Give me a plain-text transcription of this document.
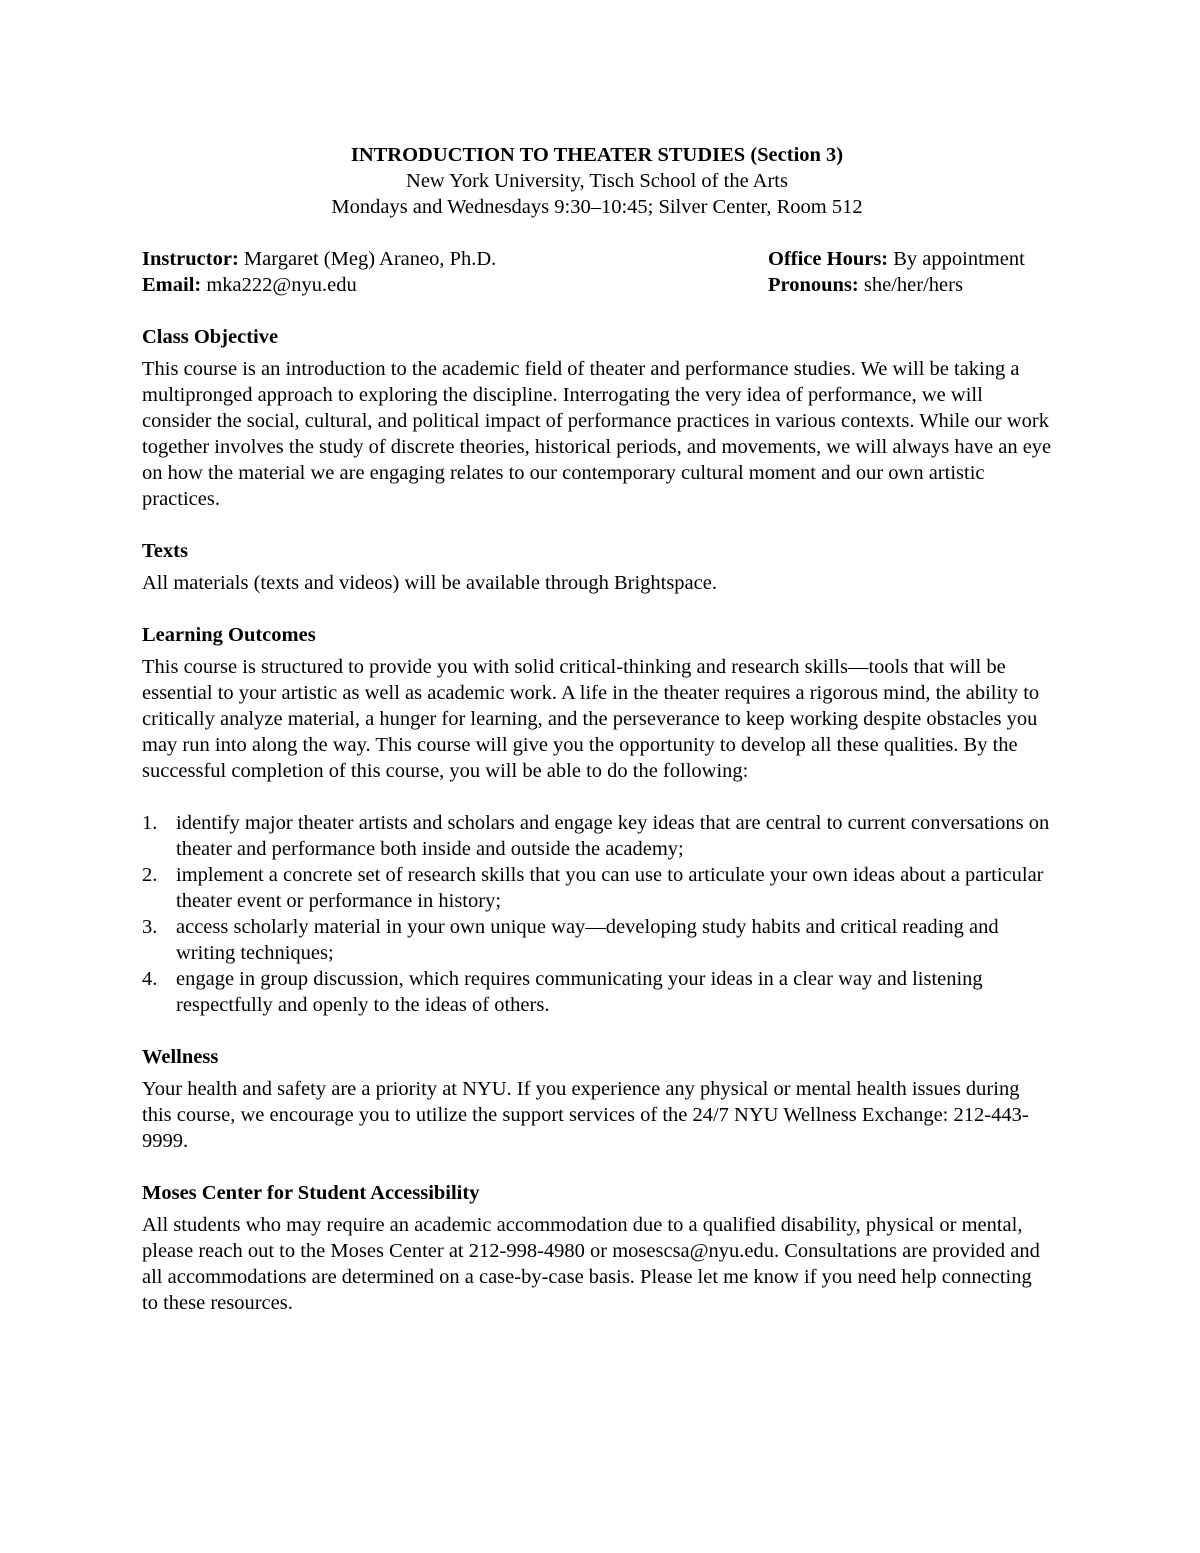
INTRODUCTION TO THEATER STUDIES (Section 3)

New York University, Tisch School of the Arts

Mondays and Wednesdays 9:30–10:45; Silver Center, Room 512

Instructor: Margaret (Meg) Araneo, Ph.D.
Email: mka222@nyu.edu
Office Hours: By appointment
Pronouns: she/her/hers
Class Objective

This course is an introduction to the academic field of theater and performance studies. We will be taking a multipronged approach to exploring the discipline. Interrogating the very idea of performance, we will consider the social, cultural, and political impact of performance practices in various contexts. While our work together involves the study of discrete theories, historical periods, and movements, we will always have an eye on how the material we are engaging relates to our contemporary cultural moment and our own artistic practices.

Texts

All materials (texts and videos) will be available through Brightspace.

Learning Outcomes

This course is structured to provide you with solid critical-thinking and research skills—tools that will be essential to your artistic as well as academic work. A life in the theater requires a rigorous mind, the ability to critically analyze material, a hunger for learning, and the perseverance to keep working despite obstacles you may run into along the way. This course will give you the opportunity to develop all these qualities. By the successful completion of this course, you will be able to do the following:

1. identify major theater artists and scholars and engage key ideas that are central to current conversations on theater and performance both inside and outside the academy;
2. implement a concrete set of research skills that you can use to articulate your own ideas about a particular theater event or performance in history;
3. access scholarly material in your own unique way—developing study habits and critical reading and writing techniques;
4. engage in group discussion, which requires communicating your ideas in a clear way and listening respectfully and openly to the ideas of others.
Wellness

Your health and safety are a priority at NYU. If you experience any physical or mental health issues during this course, we encourage you to utilize the support services of the 24/7 NYU Wellness Exchange: 212-443-9999.

Moses Center for Student Accessibility

All students who may require an academic accommodation due to a qualified disability, physical or mental, please reach out to the Moses Center at 212-998-4980 or mosescsa@nyu.edu. Consultations are provided and all accommodations are determined on a case-by-case basis. Please let me know if you need help connecting to these resources.
